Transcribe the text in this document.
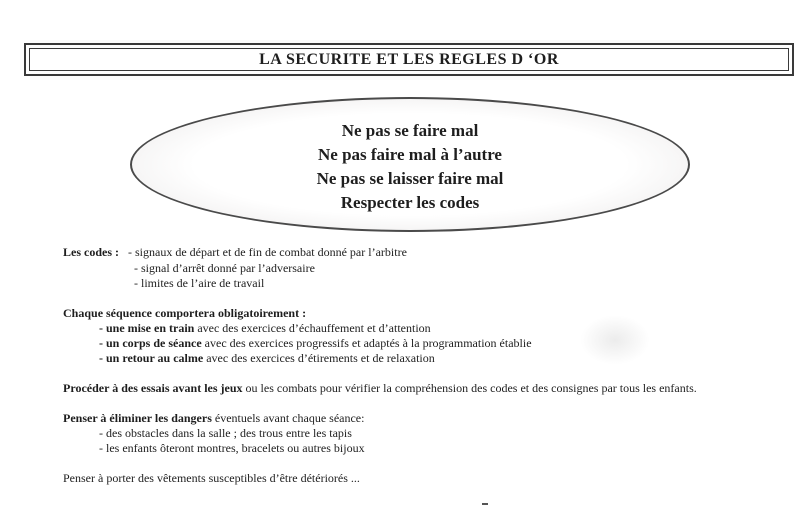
LA SECURITE ET LES REGLES D ‘OR
Ne pas se faire mal
Ne pas faire mal à l’autre
Ne pas se laisser faire mal
Respecter les codes
Les codes : - signaux de départ et de fin de combat donné par l’arbitre
- signal d’arrêt donné par l’adversaire
- limites de l’aire de travail
Chaque séquence comportera obligatoirement :
- une mise en train avec des exercices d’échauffement et d’attention
- un corps de séance avec des exercices progressifs et adaptés à la programmation établie
- un retour au calme avec des exercices d’étirements et de relaxation
Procéder à des essais avant les jeux ou les combats pour vérifier la compréhension des codes et des consignes par tous les enfants.
Penser à éliminer les dangers éventuels avant chaque séance:
- des obstacles dans la salle ; des trous entre les tapis
- les enfants ôteront montres, bracelets ou autres bijoux
Penser à porter des vêtements susceptibles d’être détériorés ...
